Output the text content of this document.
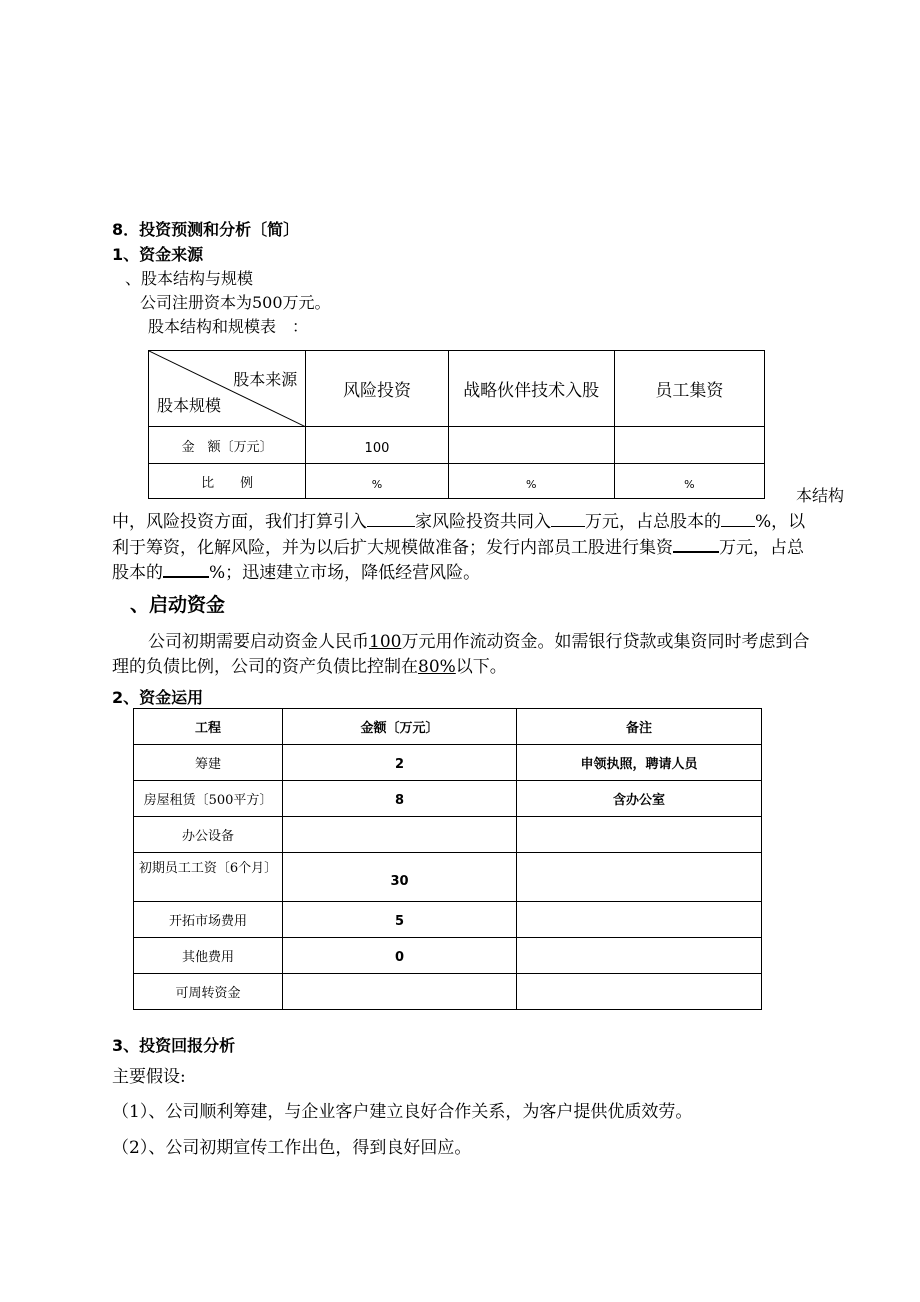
8．投资预测和分析〔简〕
1、资金来源
、股本结构与规模
公司注册资本为500万元。
股本结构和规模表　：
股本来源
股本规模	风险投资	战略伙伴技术入股	员工集资
金　额〔万元〕	100		
比　　例	%	%	%
本结构
中，风险投资方面，我们打算引入	家风险投资共同入 万元，占总股本的 %，以
利于筹资，化解风险，并为以后扩大规模做准备；发行内部员工股进行集资	万元，占总
股本的	%；迅速建立市场，降低经营风险。
、启动资金
公司初期需要启动资金人民币100万元用作流动资金。如需银行贷款或集资同时考虑到合
理的负债比例，公司的资产负债比控制在80%以下。
2、资金运用
工程	金额〔万元〕	备注
筹建	2	申领执照，聘请人员
房屋租赁〔500平方〕	8	含办公室
办公设备		
初期员工工资〔6个月〕	30	
开拓市场费用	5	
其他费用	0	
可周转资金		
3、投资回报分析
主要假设:
（1）、公司顺利筹建，与企业客户建立良好合作关系，为客户提供优质效劳。
（2）、公司初期宣传工作出色，得到良好回应。
